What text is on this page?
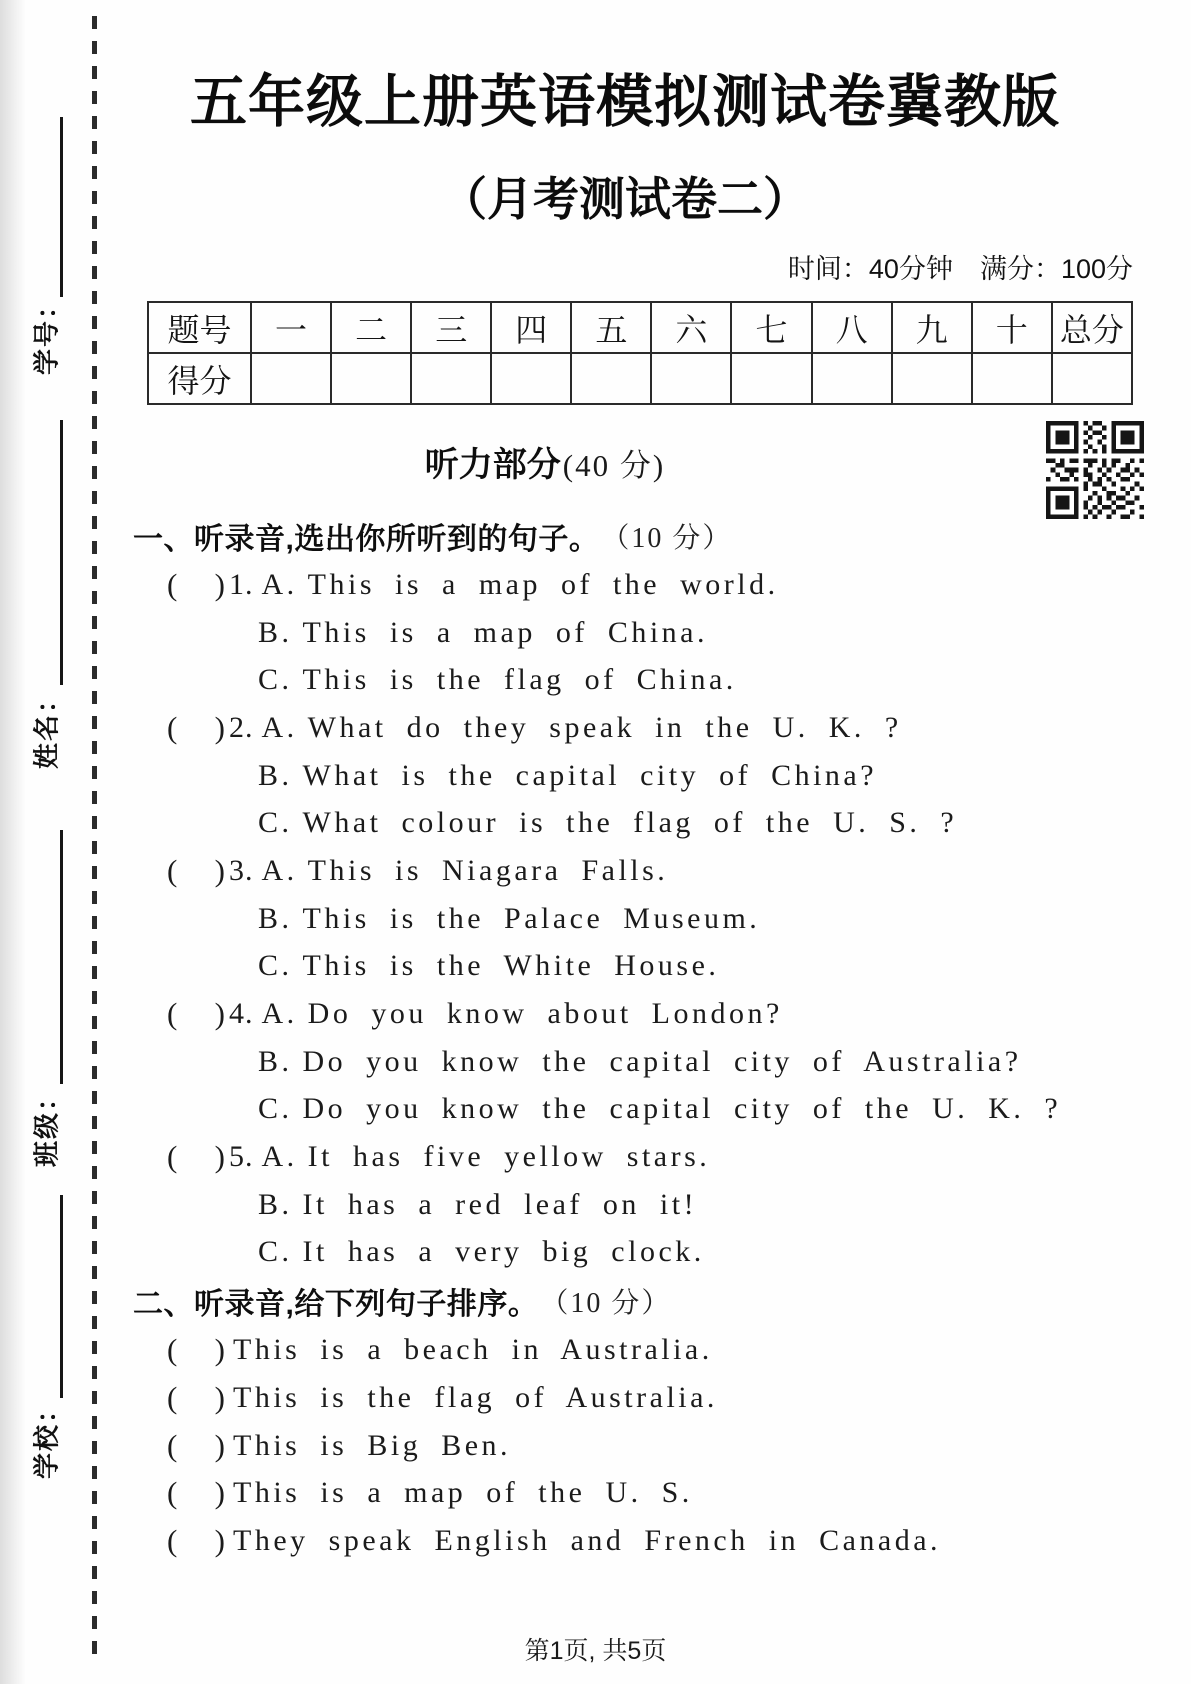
学号：
姓名：
班级：
学校：
五年级上册英语模拟测试卷冀教版
（月考测试卷二）
时间：40分钟　满分：100分
题号	一	二	三	四	五	六	七	八	九	十	总分
得分											
听力部分(40 分)
一、听录音,选出你所听到的句子。 （10 分）
( ) 1. A. This is a map of the world.
B. This is a map of China.
C. This is the flag of China.
( ) 2. A. What do they speak in the U. K. ?
B. What is the capital city of China?
C. What colour is the flag of the U. S. ?
( ) 3. A. This is Niagara Falls.
B. This is the Palace Museum.
C. This is the White House.
( ) 4. A. Do you know about London?
B. Do you know the capital city of Australia?
C. Do you know the capital city of the U. K. ?
( ) 5. A. It has five yellow stars.
B. It has a red leaf on it!
C. It has a very big clock.
二、听录音,给下列句子排序。 （10 分）
( ) This is a beach in Australia.
( ) This is the flag of Australia.
( ) This is Big Ben.
( ) This is a map of the U. S.
( ) They speak English and French in Canada.
第1页, 共5页
